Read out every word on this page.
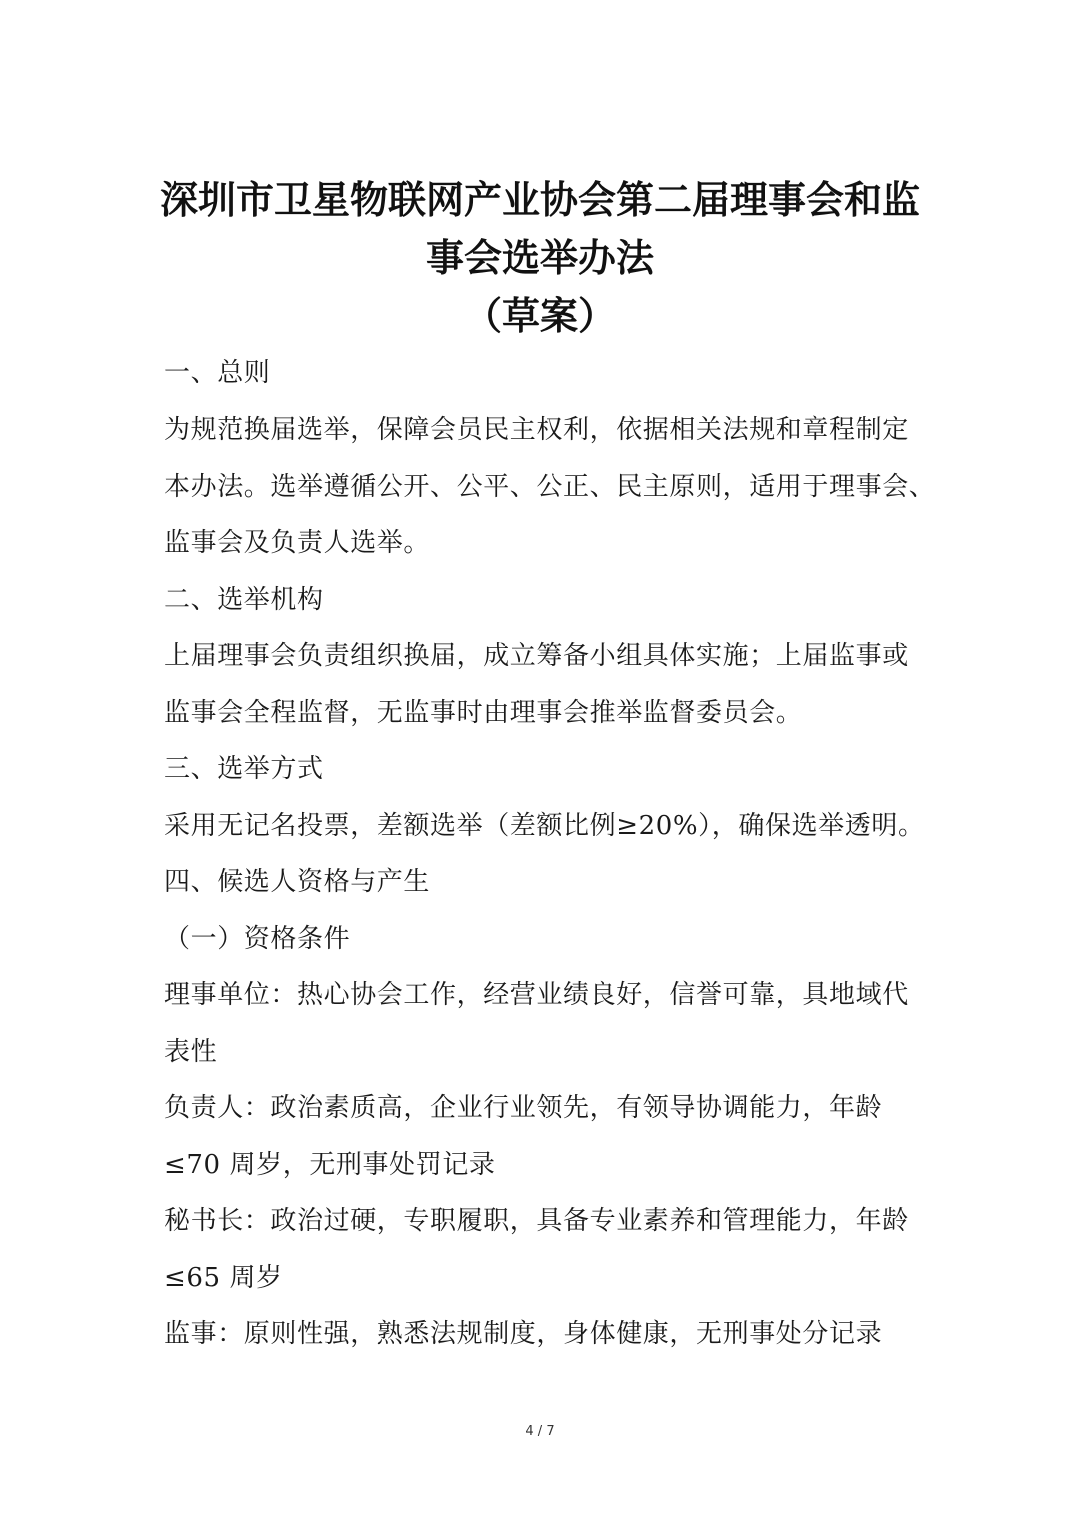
深圳市卫星物联网产业协会第二届理事会和监
事会选举办法
（草案）
一、总则
为规范换届选举，保障会员民主权利，依据相关法规和章程制定
本办法。选举遵循公开、公平、公正、民主原则，适用于理事会、
监事会及负责人选举。
二、选举机构
上届理事会负责组织换届，成立筹备小组具体实施；上届监事或
监事会全程监督，无监事时由理事会推举监督委员会。
三、选举方式
采用无记名投票，差额选举（差额比例≥20%），确保选举透明。
四、候选人资格与产生
（一）资格条件
理事单位：热心协会工作，经营业绩良好，信誉可靠，具地域代
表性
负责人：政治素质高，企业行业领先，有领导协调能力，年龄
≤70 周岁，无刑事处罚记录
秘书长：政治过硬，专职履职，具备专业素养和管理能力，年龄
≤65 周岁
监事：原则性强，熟悉法规制度，身体健康，无刑事处分记录
4 / 7
